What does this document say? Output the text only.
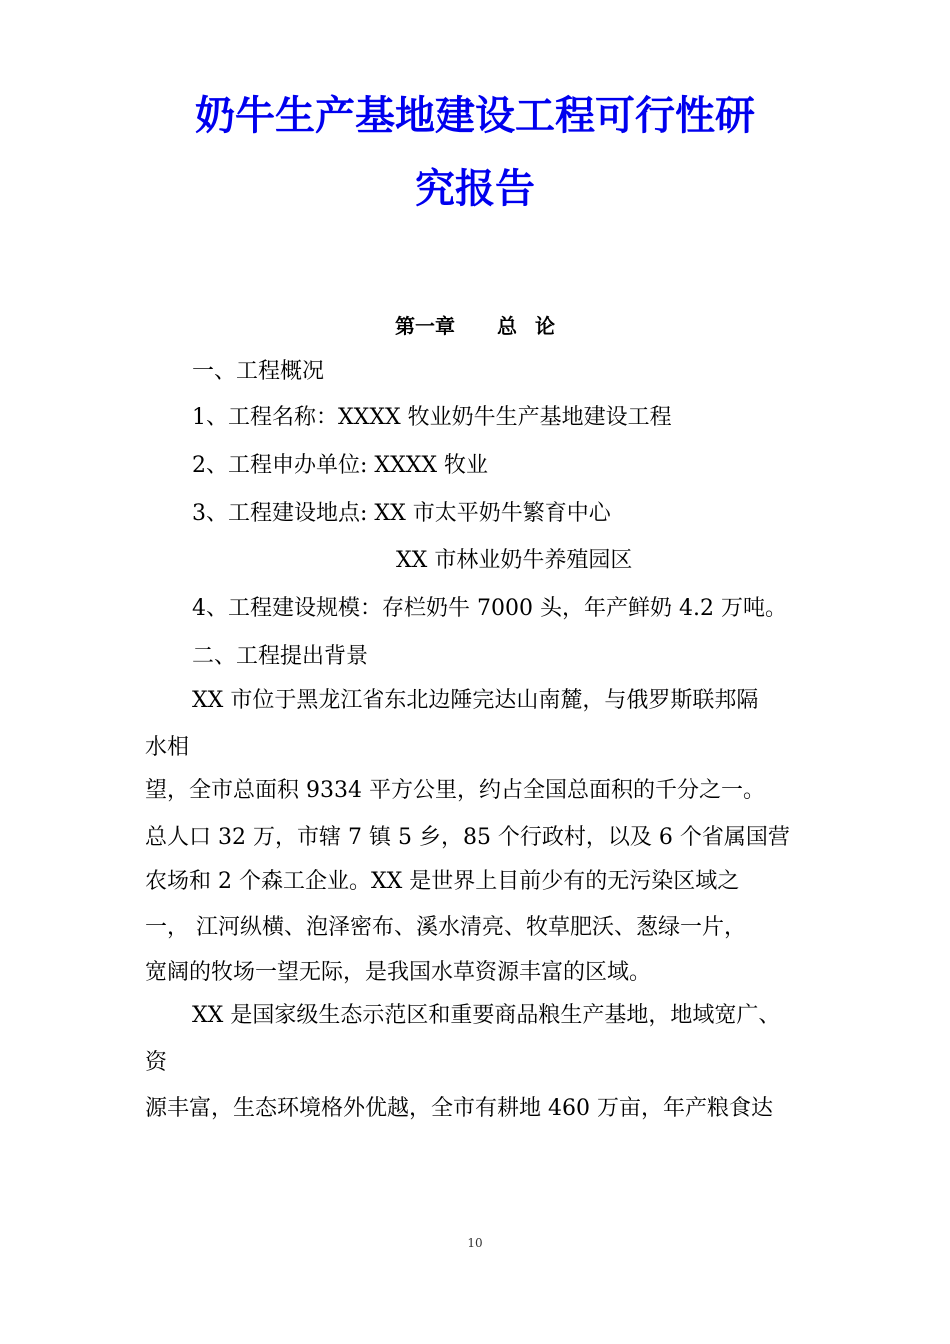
奶牛生产基地建设工程可行性研
究报告
第一章 总 论

一、工程概况

1、工程名称：XXXX 牧业奶牛生产基地建设工程

2、工程申办单位: XXXX 牧业

3、工程建设地点: XX 市太平奶牛繁育中心

XX 市林业奶牛养殖园区

4、工程建设规模：存栏奶牛 7000 头，年产鲜奶 4.2 万吨。

二、工程提出背景

XX 市位于黑龙江省东北边陲完达山南麓，与俄罗斯联邦隔

水相

望，全市总面积 9334 平方公里，约占全国总面积的千分之一。

总人口 32 万，市辖 7 镇 5 乡，85 个行政村，以及 6 个省属国营

农场和 2 个森工企业。XX 是世界上目前少有的无污染区域之

一， 江河纵横、泡泽密布、溪水清亮、牧草肥沃、葱绿一片，

宽阔的牧场一望无际，是我国水草资源丰富的区域。

XX 是国家级生态示范区和重要商品粮生产基地，地域宽广、

资

源丰富，生态环境格外优越，全市有耕地 460 万亩，年产粮食达

10
